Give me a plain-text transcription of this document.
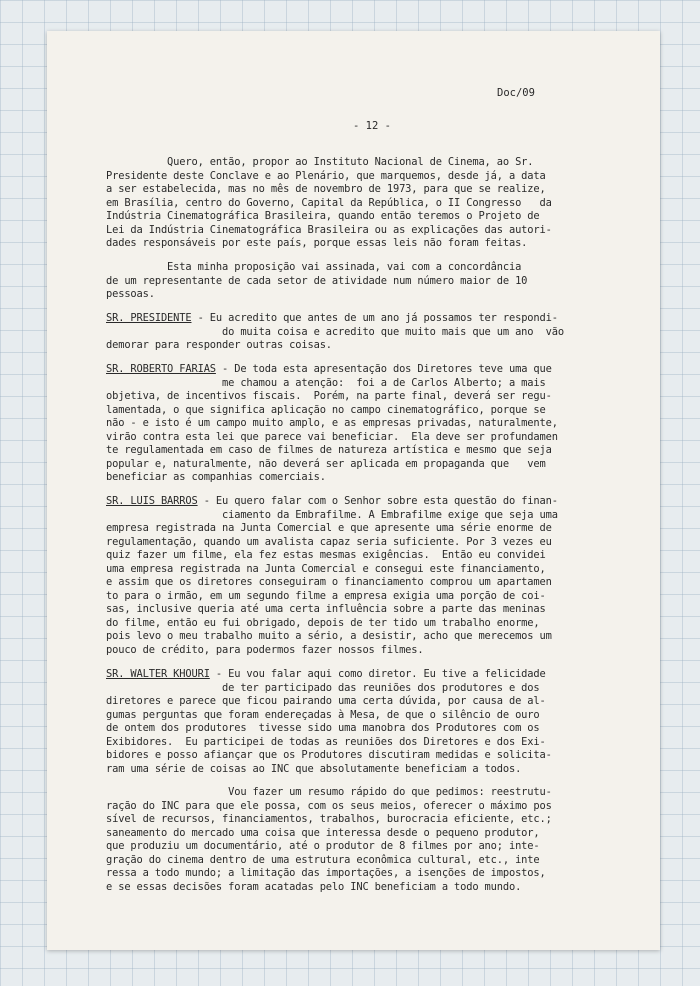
Doc/09
- 12 -
Quero, então, propor ao Instituto Nacional de Cinema, ao Sr.
Presidente deste Conclave e ao Plenário, que marquemos, desde já, a data
a ser estabelecida, mas no mês de novembro de 1973, para que se realize,
em Brasília, centro do Governo, Capital da República, o II Congresso   da
Indústria Cinematográfica Brasileira, quando então teremos o Projeto de
Lei da Indústria Cinematográfica Brasileira ou as explicações das autori-
dades responsáveis por este país, porque essas leis não foram feitas.
Esta minha proposição vai assinada, vai com a concordância
de um representante de cada setor de atividade num número maior de 10
pessoas.
SR. PRESIDENTE - Eu acredito que antes de um ano já possamos ter respondi-
do muita coisa e acredito que muito mais que um ano  vão
demorar para responder outras coisas.
SR. ROBERTO FARIAS - De toda esta apresentação dos Diretores teve uma que
me chamou a atenção:  foi a de Carlos Alberto; a mais
objetiva, de incentivos fiscais.  Porém, na parte final, deverá ser regu-
lamentada, o que significa aplicação no campo cinematográfico, porque se
não - e isto é um campo muito amplo, e as empresas privadas, naturalmente,
virão contra esta lei que parece vai beneficiar.  Ela deve ser profundamen
te regulamentada em caso de filmes de natureza artística e mesmo que seja
popular e, naturalmente, não deverá ser aplicada em propaganda que   vem
beneficiar as companhias comerciais.
SR. LUIS BARROS - Eu quero falar com o Senhor sobre esta questão do finan-
ciamento da Embrafilme. A Embrafilme exige que seja uma
empresa registrada na Junta Comercial e que apresente uma série enorme de
regulamentação, quando um avalista capaz seria suficiente. Por 3 vezes eu
quiz fazer um filme, ela fez estas mesmas exigências.  Então eu convidei
uma empresa registrada na Junta Comercial e consegui este financiamento,
e assim que os diretores conseguiram o financiamento comprou um apartamen
to para o irmão, em um segundo filme a empresa exigia uma porção de coi-
sas, inclusive queria até uma certa influência sobre a parte das meninas
do filme, então eu fui obrigado, depois de ter tido um trabalho enorme,
pois levo o meu trabalho muito a sério, a desistir, acho que merecemos um
pouco de crédito, para podermos fazer nossos filmes.
SR. WALTER KHOURI - Eu vou falar aqui como diretor. Eu tive a felicidade
de ter participado das reuniões dos produtores e dos
diretores e parece que ficou pairando uma certa dúvida, por causa de al-
gumas perguntas que foram endereçadas à Mesa, de que o silêncio de ouro
de ontem dos produtores  tivesse sido uma manobra dos Produtores com os
Exibidores.  Eu participei de todas as reuniões dos Diretores e dos Exi-
bidores e posso afiançar que os Produtores discutiram medidas e solicita-
ram uma série de coisas ao INC que absolutamente beneficiam a todos.
Vou fazer um resumo rápido do que pedimos: reestrutu-
ração do INC para que ele possa, com os seus meios, oferecer o máximo pos
sível de recursos, financiamentos, trabalhos, burocracia eficiente, etc.;
saneamento do mercado uma coisa que interessa desde o pequeno produtor,
que produziu um documentário, até o produtor de 8 filmes por ano; inte-
gração do cinema dentro de uma estrutura econômica cultural, etc., inte
ressa a todo mundo; a limitação das importações, a isenções de impostos,
e se essas decisões foram acatadas pelo INC beneficiam a todo mundo.
